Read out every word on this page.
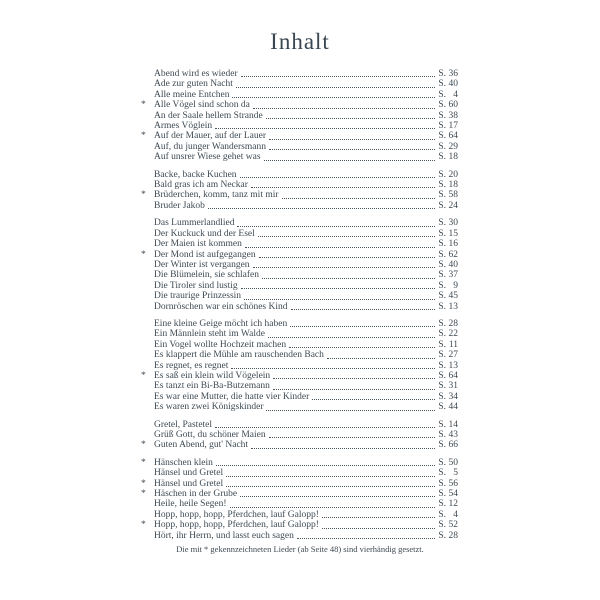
Inhalt
Abend wird es wieder	S. 36
Ade zur guten Nacht	S. 40
Alle meine Entchen	S. 4
* Alle Vögel sind schon da	S. 60
An der Saale hellem Strande	S. 38
Armes Vöglein	S. 17
* Auf der Mauer, auf der Lauer	S. 64
Auf, du junger Wandersmann	S. 29
Auf unsrer Wiese gehet was	S. 18
Backe, backe Kuchen	S. 20
Bald gras ich am Neckar	S. 18
* Brüderchen, komm, tanz mit mir	S. 58
Bruder Jakob	S. 24
Das Lummerlandlied	S. 30
Der Kuckuck und der Esel	S. 15
Der Maien ist kommen	S. 16
* Der Mond ist aufgegangen	S. 62
Der Winter ist vergangen	S. 40
Die Blümelein, sie schlafen	S. 37
Die Tiroler sind lustig	S. 9
Die traurige Prinzessin	S. 45
Dornröschen war ein schönes Kind	S. 13
Eine kleine Geige möcht ich haben	S. 28
Ein Männlein steht im Walde	S. 22
Ein Vogel wollte Hochzeit machen	S. 11
Es klappert die Mühle am rauschenden Bach	S. 27
Es regnet, es regnet	S. 13
* Es saß ein klein wild Vögelein	S. 64
Es tanzt ein Bi-Ba-Butzemann	S. 31
Es war eine Mutter, die hatte vier Kinder	S. 34
Es waren zwei Königskinder	S. 44
Gretel, Pastetel	S. 14
Grüß Gott, du schöner Maien	S. 43
* Guten Abend, gut' Nacht	S. 66
* Hänschen klein	S. 50
Hänsel und Gretel	S. 5
* Hänsel und Gretel	S. 56
* Häschen in der Grube	S. 54
Heile, heile Segen!	S. 12
Hopp, hopp, hopp, Pferdchen, lauf Galopp!	S. 4
* Hopp, hopp, hopp, Pferdchen, lauf Galopp!	S. 52
Hört, ihr Herrn, und lasst euch sagen	S. 28
Die mit * gekennzeichneten Lieder (ab Seite 48) sind vierhändig gesetzt.
